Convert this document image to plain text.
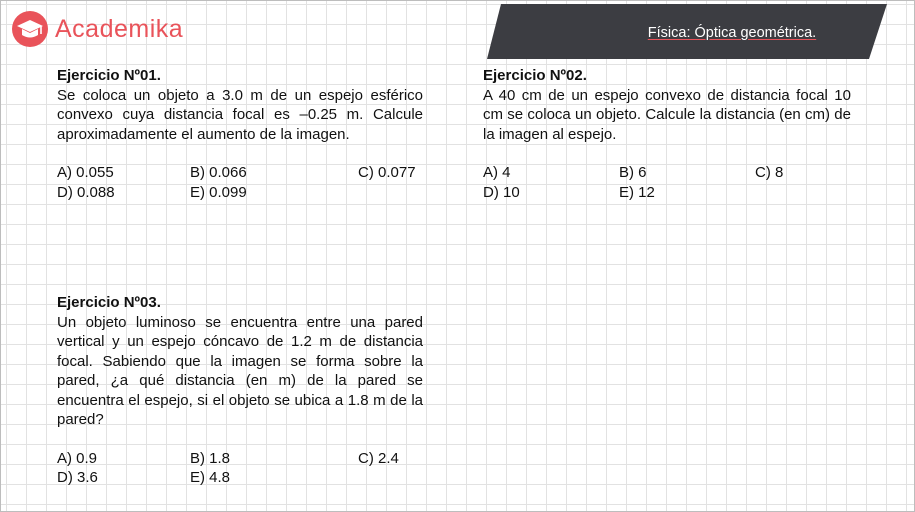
Academika	Física: Óptica geométrica.

Ejercicio Nº01.

Se coloca un objeto a 3.0 m de un espejo esférico convexo cuya distancia focal es –0.25 m. Calcule aproximadamente el aumento de la imagen.

A) 0.055	B) 0.066	C) 0.077
D) 0.088	E) 0.099

Ejercicio Nº02.

A 40 cm de un espejo convexo de distancia focal 10 cm se coloca un objeto. Calcule la distancia (en cm) de la imagen al espejo.

A) 4	B) 6	C) 8
D) 10	E) 12

Ejercicio Nº03.

Un objeto luminoso se encuentra entre una pared vertical y un espejo cóncavo de 1.2 m de distancia focal. Sabiendo que la imagen se forma sobre la pared, ¿a qué distancia (en m) de la pared se encuentra el espejo, si el objeto se ubica a 1.8 m de la pared?

A) 0.9	B) 1.8	C) 2.4
D) 3.6	E) 4.8
